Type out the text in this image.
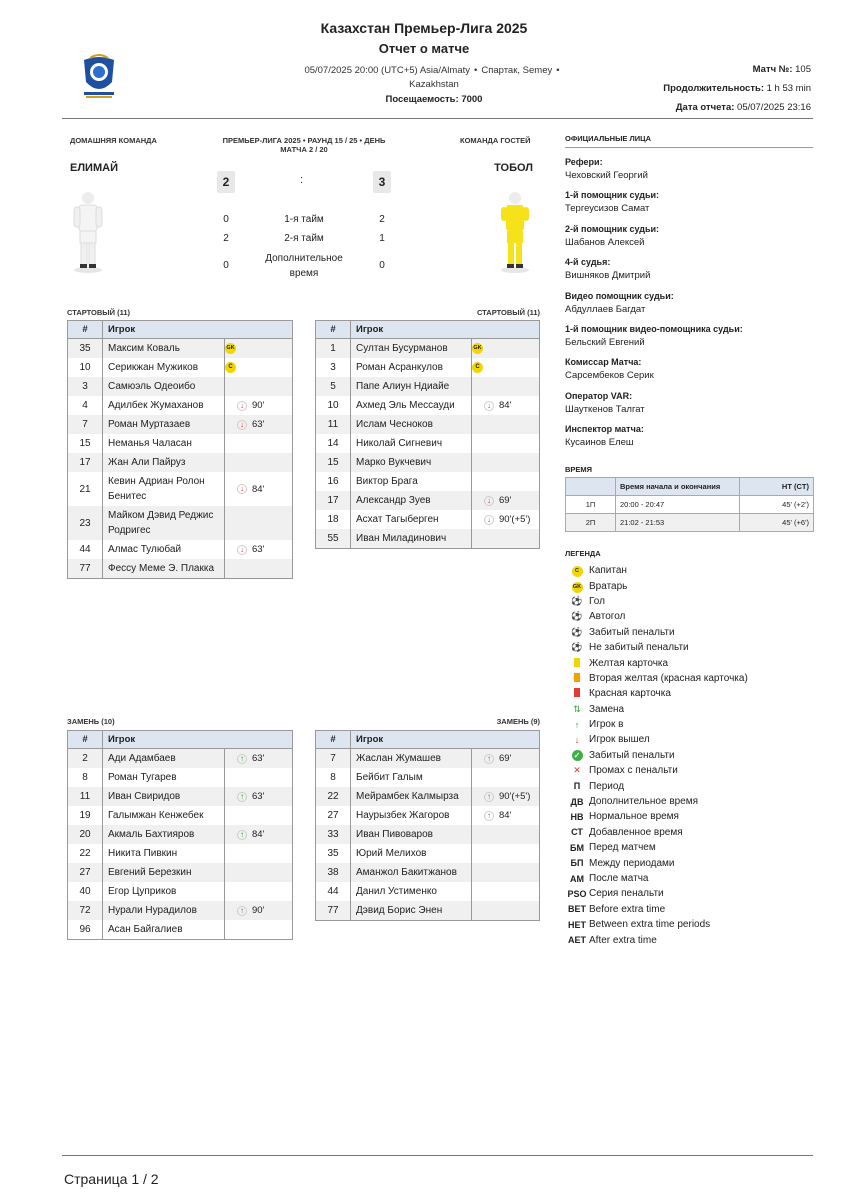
Казахстан Премьер-Лига 2025
Отчет о матче
05/07/2025 20:00 (UTC+5) Asia/Almaty • Спартак, Semey •
Kazakhstan
Посещаемость: 7000
Матч №: 105
Продолжительность: 1 h 53 min
Дата отчета: 05/07/2025 23:16
ДОМАШНЯЯ КОМАНДА	КОМАНДА ГОСТЕЙ
ПРЕМЬЕР-ЛИГА 2025 • РАУНД 15 / 25 • ДЕНЬ МАТЧА 2 / 20
ЕЛИМАЙ	ТОБОЛ
2	:	3
0	1-я тайм	2
2	2-я тайм	1
0
Дополнительное время
0
СТАРТОВЫЙ (11)	СТАРТОВЫЙ (11)
ЗАМЕНЬ (10)	ЗАМЕНЬ (9)
#	Игрок	
35	Максим Коваль	GK

10	Серикжан Мужиков	C

3	Самюэль Одеоибо	

4	Адилбек Жумаханов	↓ 90'

7	Роман Муртазаев	↓ 63'

15	Неманья Чаласан	

17	Жан Али Пайруз	

21	Кевин Адриан Ролон Бенитес	↓ 84'

23	Майком Дэвид Реджис Родригес	

44	Алмас Тулюбай	↓ 63'

77	Фессу Меме Э. Плакка	
#	Игрок	
1	Султан Бусурманов	GK

3	Роман Асранкулов	C

5	Папе Алиун Ндиайе	

10	Ахмед Эль Мессауди	↓ 84'

11	Ислам Чесноков	

14	Николай Сигневич	

15	Марко Вукчевич	

16	Виктор Брага	

17	Александр Зуев	↓ 69'

18	Асхат Тагыберген	↓ 90'(+5')

55	Иван Миладинович	
#	Игрок	
2	Ади Адамбаев	↑ 63'

8	Роман Тугарев	

11	Иван Свиридов	↑ 63'

19	Галымжан Кенжебек	

20	Акмаль Бахтияров	↑ 84'

22	Никита Пивкин	

27	Евгений Березкин	

40	Егор Цуприков	

72	Нурали Нурадилов	↑ 90'

96	Асан Байгалиев	
#	Игрок	
7	Жаслан Жумашев	↑ 69'

8	Бейбит Галым	

22	Мейрамбек Калмырза	↑ 90'(+5')

27	Наурызбек Жагоров	↑ 84'

33	Иван Пивоваров	

35	Юрий Мелихов	

38	Аманжол Бакитжанов	

44	Данил Устименко	

77	Дэвид Борис Энен	
ОФИЦИАЛЬНЫЕ ЛИЦА
Рефери:
Чеховский Георгий
1-й помощник судьи:
Тергеусизов Самат
2-й помощник судьи:
Шабанов Алексей
4-й судья:
Вишняков Дмитрий
Видео помощник судьи:
Абдуллаев Багдат
1-й помощник видео-помощника судьи:
Бельский Евгений
Комиссар Матча:
Сарсембеков Серик
Оператор VAR:
Шауткенов Талгат
Инспектор матча:
Кусаинов Елеш
ВРЕМЯ
	Время начала и окончания	HT (CT)
1П	20:00 - 20:47	45' (+2')
2П	21:02 - 21:53	45' (+6')
ЛЕГЕНДА
C	Капитан
GK Вратарь
⚽ Гол
⚽ Автогол
⚽ Забитый пенальти
⚽ Не забитый пенальти
Желтая карточка
Вторая желтая (красная карточка)
Красная карточка
⇅ Замена
↑ Игрок в
↓ Игрок вышел
✓ Забитый пенальти
✕ Промах с пенальти
П Период
ДВ Дополнительное время
НВ Нормальное время
СТ Добавленное время
БМ Перед матчем
БП Между периодами
АМ После матча
PSO Серия пенальти
BET Before extra time
HET Between extra time periods
AET After extra time
Страница 1 / 2
